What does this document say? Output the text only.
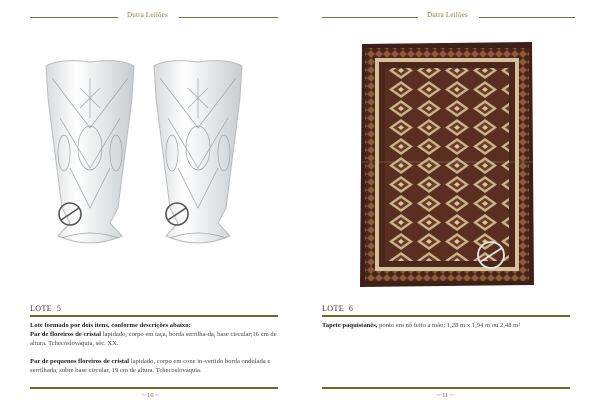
Dutra Leilões
LOTE 5
Lote formado por dois itens, conforme descrições abaixo:
Par de floreiros de cristal lapidado, corpo em taça, borda serrilha-da, base circular;16 cm de altura. Tchecoslováquia, séc. XX.
Par de pequenos floreiros de cristal lapidado, corpo em cone in-vertido borda ondulada e serrilhada, sobre base circular, 19 cm de altura. Tchecoslováquia.
~ 10 ~
Dutra Leilões
LOTE 6
Tapete paquistanês, ponto em nó feito a mão; 1,28 m x 1,94 m ou 2,48 m²
~ 11 ~
